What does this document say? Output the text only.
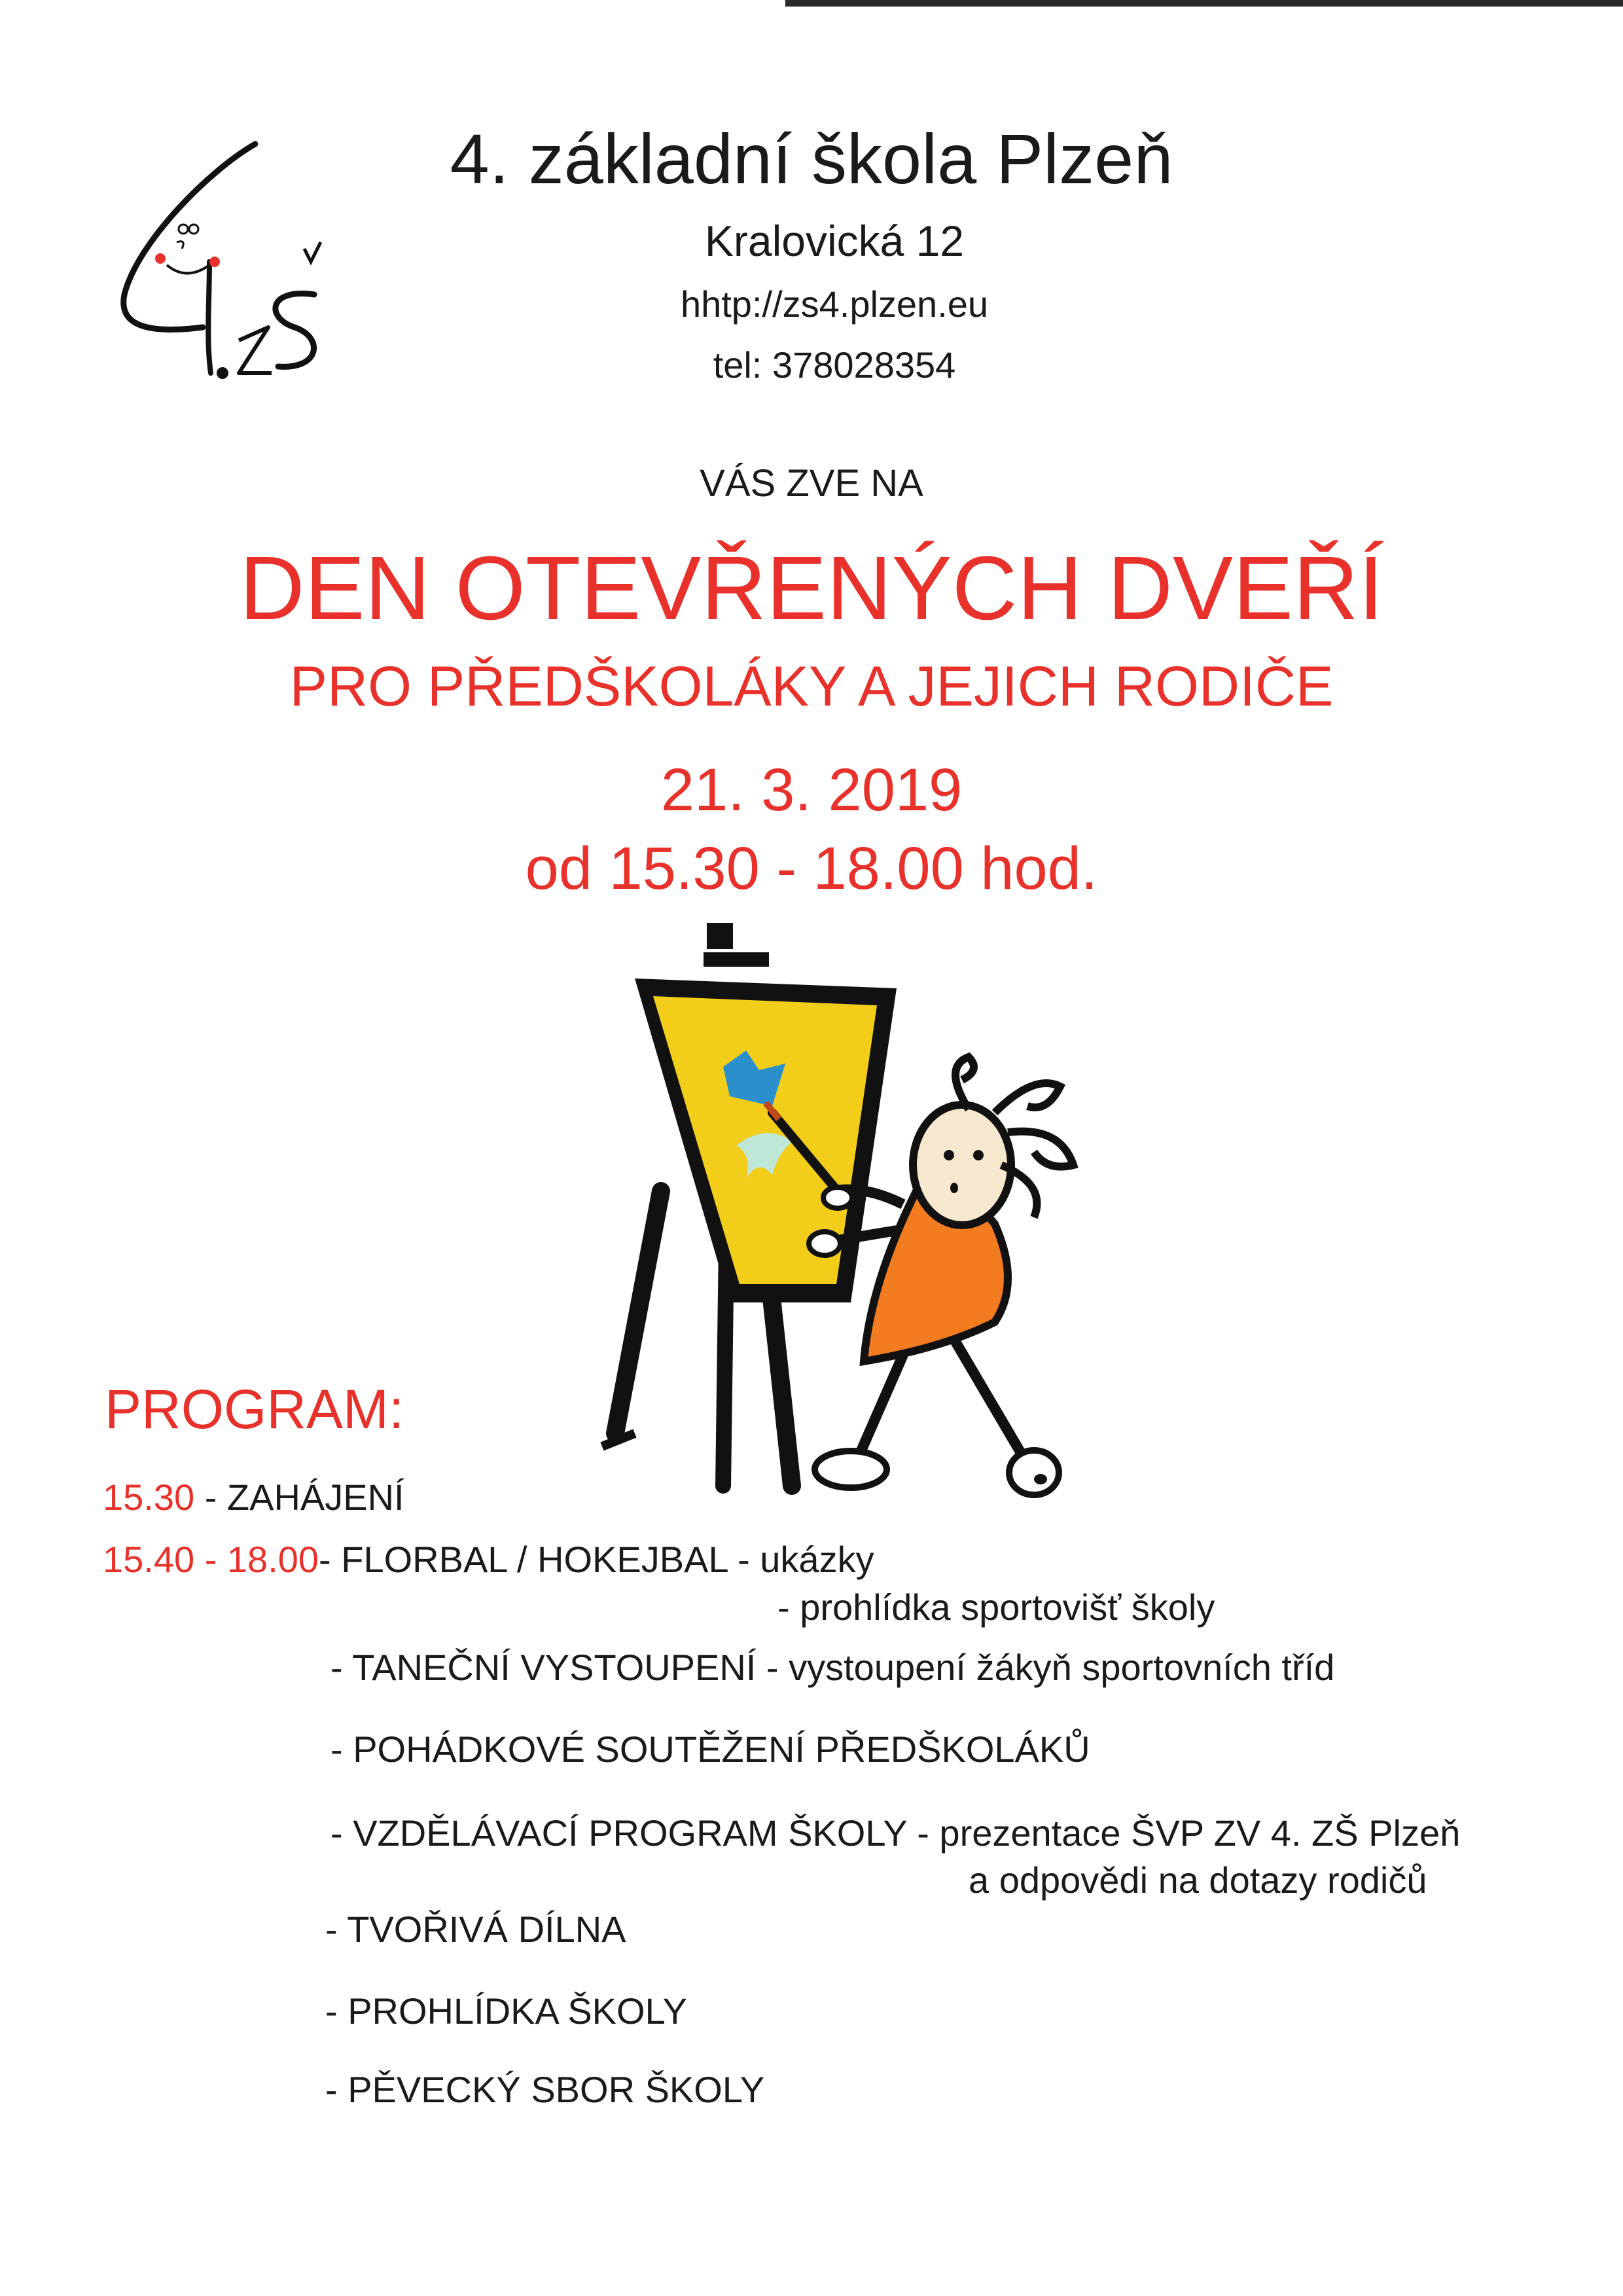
4. základní škola Plzeň
Kralovická 12
hhtp://zs4.plzen.eu
tel: 378028354
VÁS ZVE NA
DEN OTEVŘENÝCH DVEŘÍ
PRO PŘEDŠKOLÁKY A JEJICH RODIČE
21. 3. 2019
od 15.30 - 18.00 hod.
PROGRAM:
15.30 - ZAHÁJENÍ
15.40 - 18.00- FLORBAL / HOKEJBAL - ukázky
- prohlídka sportovišť školy
- TANEČNÍ VYSTOUPENÍ - vystoupení žákyň sportovních tříd
- POHÁDKOVÉ SOUTĚŽENÍ PŘEDŠKOLÁKŮ
- VZDĚLÁVACÍ PROGRAM ŠKOLY - prezentace ŠVP ZV 4. ZŠ Plzeň
a odpovědi na dotazy rodičů
- TVOŘIVÁ DÍLNA
- PROHLÍDKA ŠKOLY
- PĚVECKÝ SBOR ŠKOLY
